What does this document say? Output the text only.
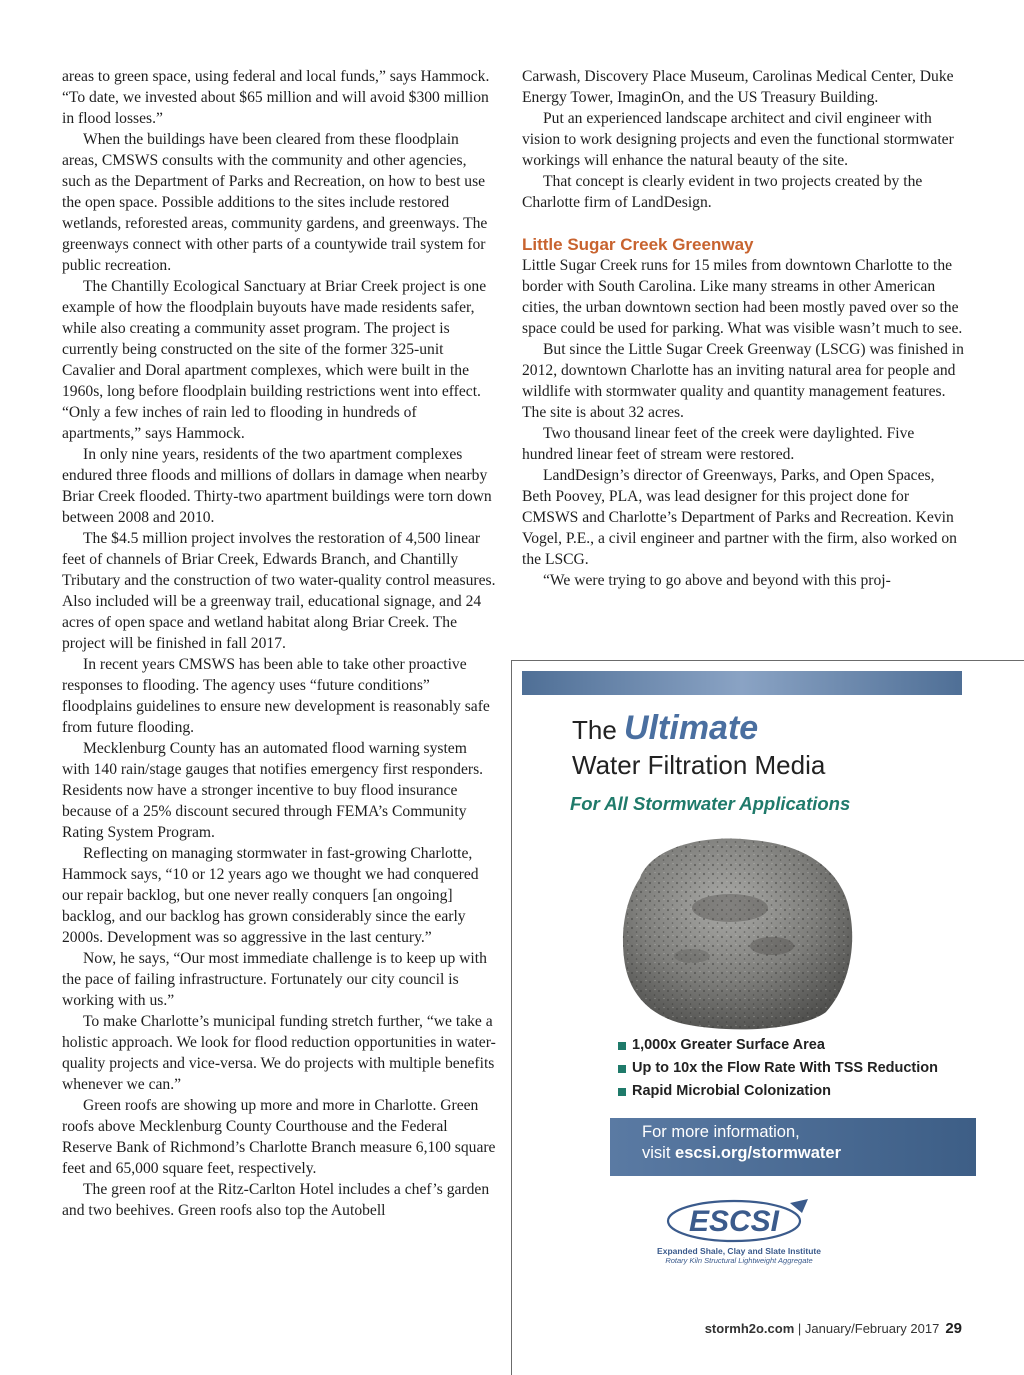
areas to green space, using federal and local funds,” says Hammock. “To date, we invested about $65 million and will avoid $300 million in flood losses.”

When the buildings have been cleared from these floodplain areas, CMSWS consults with the community and other agencies, such as the Department of Parks and Recreation, on how to best use the open space. Possible additions to the sites include restored wetlands, reforested areas, community gardens, and greenways. The greenways connect with other parts of a countywide trail system for public recreation.

The Chantilly Ecological Sanctuary at Briar Creek project is one example of how the floodplain buyouts have made residents safer, while also creating a community asset program. The project is currently being constructed on the site of the former 325-unit Cavalier and Doral apartment complexes, which were built in the 1960s, long before floodplain building restrictions went into effect. “Only a few inches of rain led to flooding in hundreds of apartments,” says Hammock.

In only nine years, residents of the two apartment complexes endured three floods and millions of dollars in damage when nearby Briar Creek flooded. Thirty-two apartment buildings were torn down between 2008 and 2010.

The $4.5 million project involves the restoration of 4,500 linear feet of channels of Briar Creek, Edwards Branch, and Chantilly Tributary and the construction of two water-quality control measures. Also included will be a greenway trail, educational signage, and 24 acres of open space and wetland habitat along Briar Creek. The project will be finished in fall 2017.

In recent years CMSWS has been able to take other proactive responses to flooding. The agency uses “future conditions” floodplains guidelines to ensure new development is reasonably safe from future flooding.

Mecklenburg County has an automated flood warning system with 140 rain/stage gauges that notifies emergency first responders. Residents now have a stronger incentive to buy flood insurance because of a 25% discount secured through FEMA’s Community Rating System Program.

Reflecting on managing stormwater in fast-growing Charlotte, Hammock says, “10 or 12 years ago we thought we had conquered our repair backlog, but one never really conquers [an ongoing] backlog, and our backlog has grown considerably since the early 2000s. Development was so aggressive in the last century.”

Now, he says, “Our most immediate challenge is to keep up with the pace of failing infrastructure. Fortunately our city council is working with us.”

To make Charlotte’s municipal funding stretch further, “we take a holistic approach. We look for flood reduction opportunities in water-quality projects and vice-versa. We do projects with multiple benefits whenever we can.”

Green roofs are showing up more and more in Charlotte. Green roofs above Mecklenburg County Courthouse and the Federal Reserve Bank of Richmond’s Charlotte Branch measure 6,100 square feet and 65,000 square feet, respectively.

The green roof at the Ritz-Carlton Hotel includes a chef’s garden and two beehives. Green roofs also top the Autobell

Carwash, Discovery Place Museum, Carolinas Medical Center, Duke Energy Tower, ImaginOn, and the US Treasury Building.

Put an experienced landscape architect and civil engineer with vision to work designing projects and even the functional stormwater workings will enhance the natural beauty of the site.

That concept is clearly evident in two projects created by the Charlotte firm of LandDesign.

Little Sugar Creek Greenway

Little Sugar Creek runs for 15 miles from downtown Charlotte to the border with South Carolina. Like many streams in other American cities, the urban downtown section had been mostly paved over so the space could be used for parking. What was visible wasn’t much to see.

But since the Little Sugar Creek Greenway (LSCG) was finished in 2012, downtown Charlotte has an inviting natural area for people and wildlife with stormwater quality and quantity management features. The site is about 32 acres.

Two thousand linear feet of the creek were daylighted. Five hundred linear feet of stream were restored.

LandDesign’s director of Greenways, Parks, and Open Spaces, Beth Poovey, PLA, was lead designer for this project done for CMSWS and Charlotte’s Department of Parks and Recreation. Kevin Vogel, P.E., a civil engineer and partner with the firm, also worked on the LSCG.

“We were trying to go above and beyond with this proj-

The Ultimate
Water Filtration Media
For All Stormwater Applications
1,000x Greater Surface Area
Up to 10x the Flow Rate With TSS Reduction
Rapid Microbial Colonization
For more information,
visit escsi.org/stormwater
ESCSI
Expanded Shale, Clay and Slate Institute
Rotary Kiln Structural Lightweight Aggregate
stormh2o.com | January/February 2017 29
